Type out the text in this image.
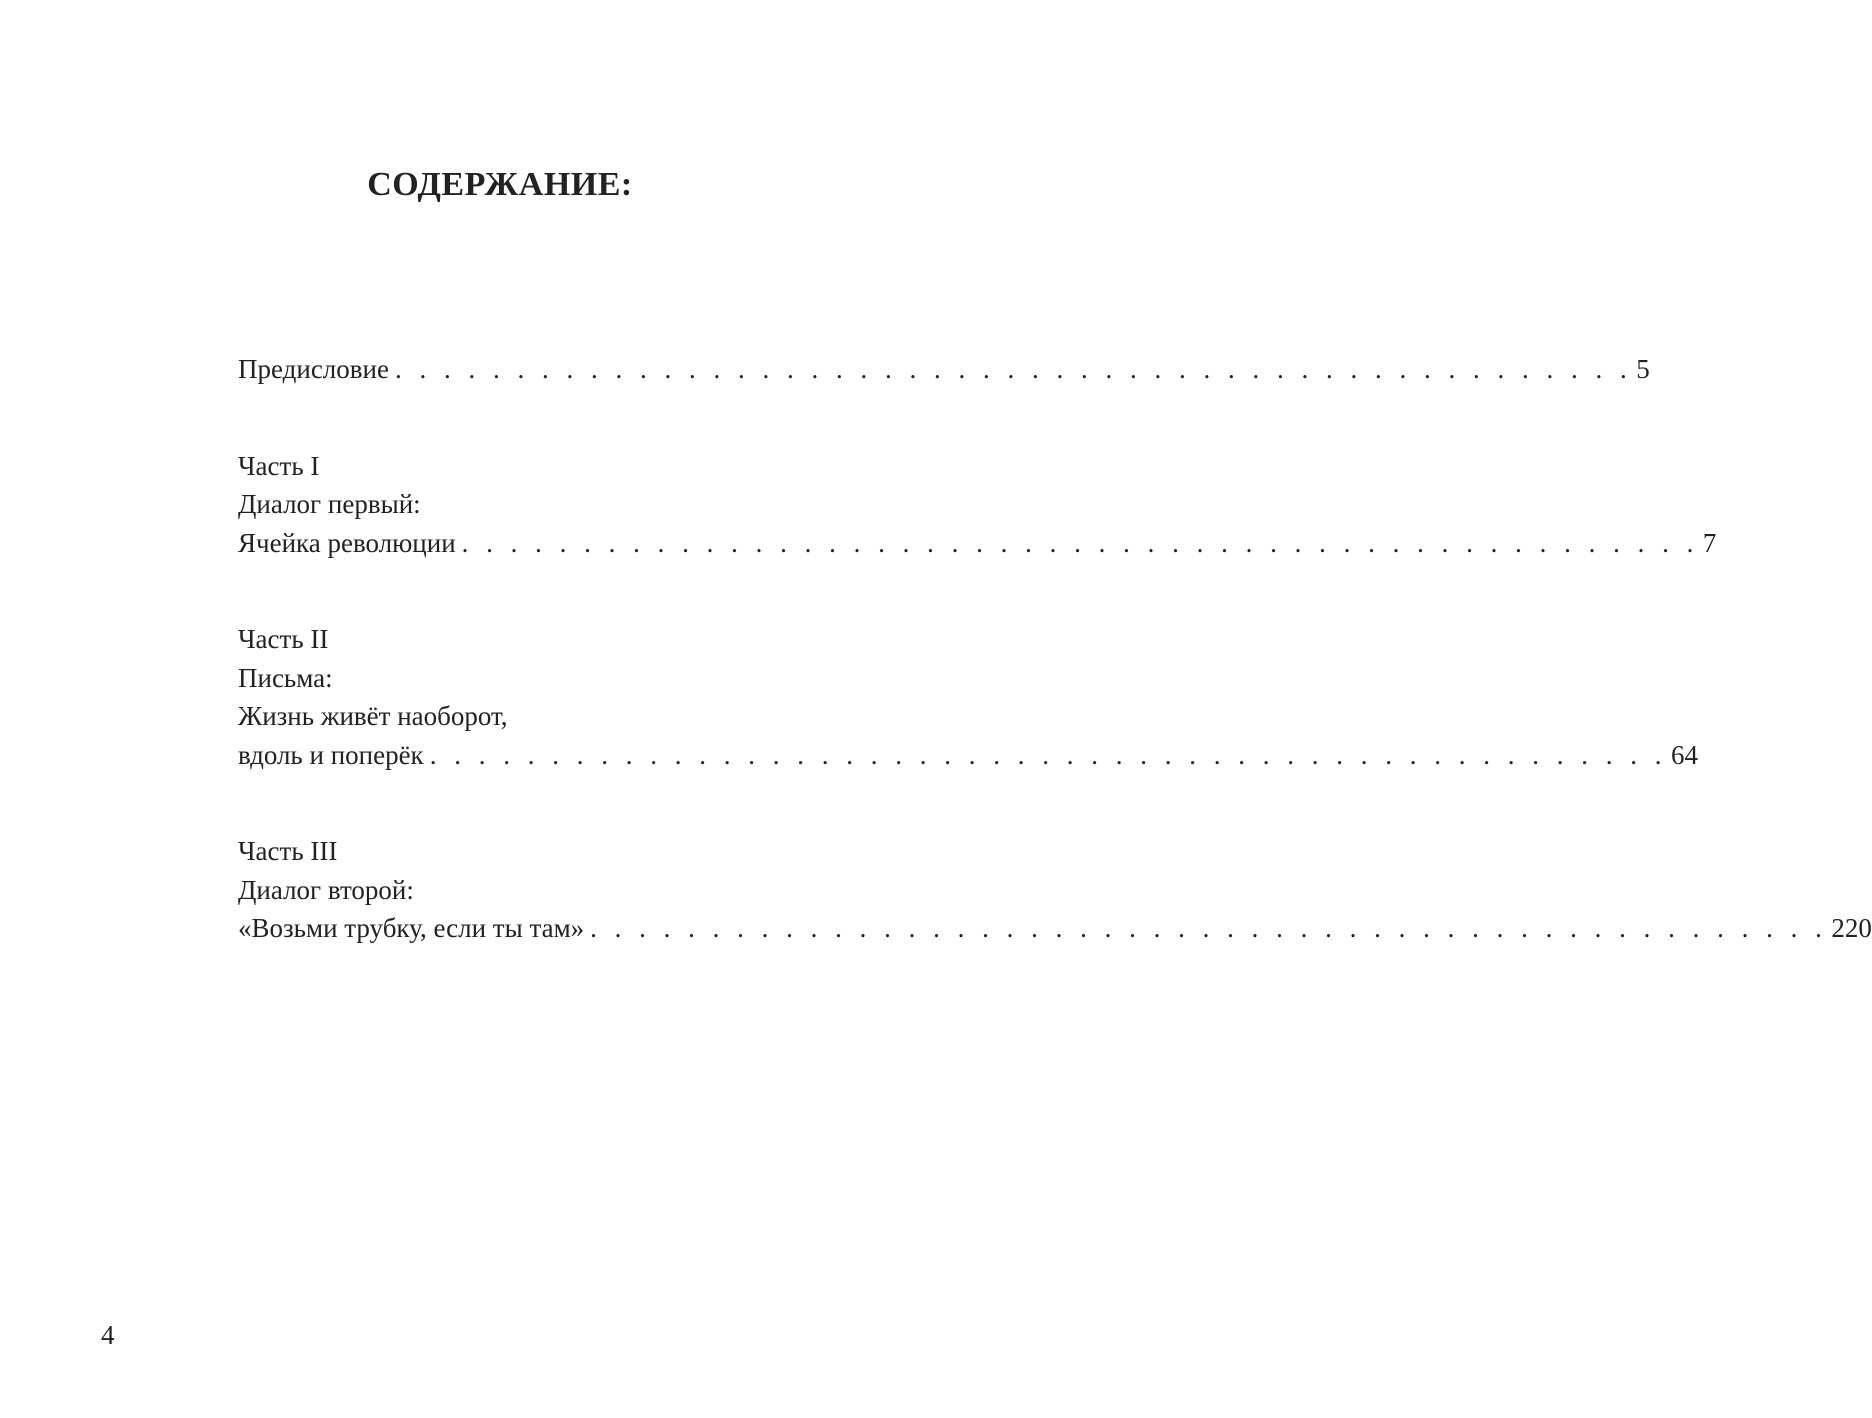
СОДЕРЖАНИЕ:
Предисловие . . . . . . . . . . . . . . . . . . . . . . . . . . . . . . . . . . . . . . . . . . . . . . . . . . . 5
Часть I
Диалог первый:
Ячейка революции . . . . . . . . . . . . . . . . . . . . . . . . . . . . . . . . . . . . . . . . . . . . . . . . . . . 7
Часть II
Письма:
Жизнь живёт наоборот,
вдоль и поперёк . . . . . . . . . . . . . . . . . . . . . . . . . . . . . . . . . . . . . . . . . . . . . . . . . . . 64
Часть III
Диалог второй:
«Возьми трубку, если ты там» . . . . . . . . . . . . . . . . . . . . . . . . . . . . . . . . . . . . . . . . . . . . . . . . . . . 220
4
